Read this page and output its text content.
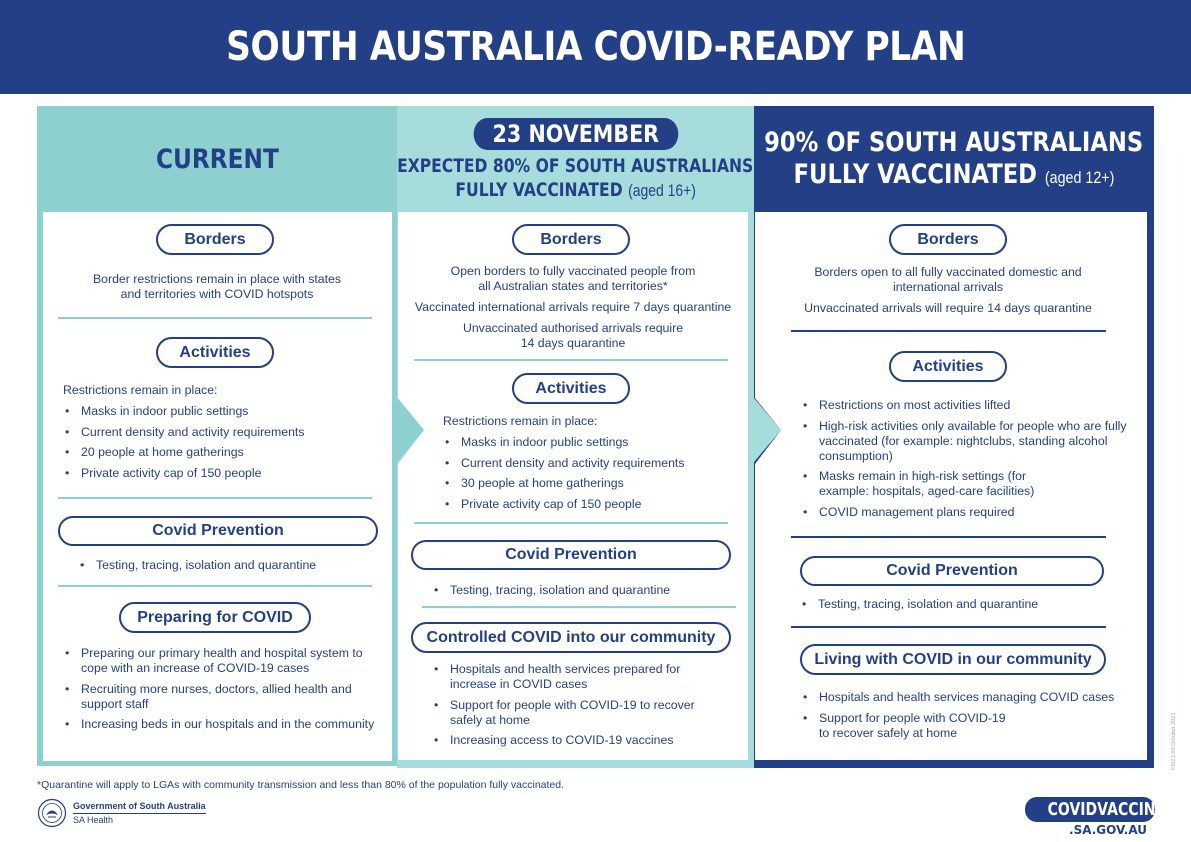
SOUTH AUSTRALIA COVID-READY PLAN
CURRENT
23 NOVEMBER
EXPECTED 80% OF SOUTH AUSTRALIANS
FULLY VACCINATED (aged 16+)
90% OF SOUTH AUSTRALIANS
FULLY VACCINATED (aged 12+)
Borders
Border restrictions remain in place with states and territories with COVID hotspots
Activities

Restrictions remain in place:

• Masks in indoor public settings
• Current density and activity requirements
• 20 people at home gatherings
• Private activity cap of 150 people
Covid Prevention
• Testing, tracing, isolation and quarantine
Preparing for COVID
• Preparing our primary health and hospital system to cope with an increase of COVID-19 cases
• Recruiting more nurses, doctors, allied health and support staff
• Increasing beds in our hospitals and in the community
Borders

Open borders to fully vaccinated people from all Australian states and territories*

Vaccinated international arrivals require 7 days quarantine

Unvaccinated authorised arrivals require 14 days quarantine

Activities

Restrictions remain in place:

• Masks in indoor public settings
• Current density and activity requirements
• 30 people at home gatherings
• Private activity cap of 150 people
Covid Prevention
• Testing, tracing, isolation and quarantine
Controlled COVID into our community
• Hospitals and health services prepared for increase in COVID cases
• Support for people with COVID-19 to recover safely at home
• Increasing access to COVID-19 vaccines
Borders

Borders open to all fully vaccinated domestic and international arrivals

Unvaccinated arrivals will require 14 days quarantine

Activities
• Restrictions on most activities lifted
• High-risk activities only available for people who are fully vaccinated (for example: nightclubs, standing alcohol consumption)
• Masks remain in high-risk settings (for example: hospitals, aged-care facilities)
• COVID management plans required
Covid Prevention
• Testing, tracing, isolation and quarantine
Living with COVID in our community
• Hospitals and health services managing COVID cases
• Support for people with COVID-19 to recover safely at home
*Quarantine will apply to LGAs with community transmission and less than 80% of the population fully vaccinated.
Government of South Australia
SA Health	COVIDVACCINE
.SA.GOV.AU
FIS21-03 October 2021
